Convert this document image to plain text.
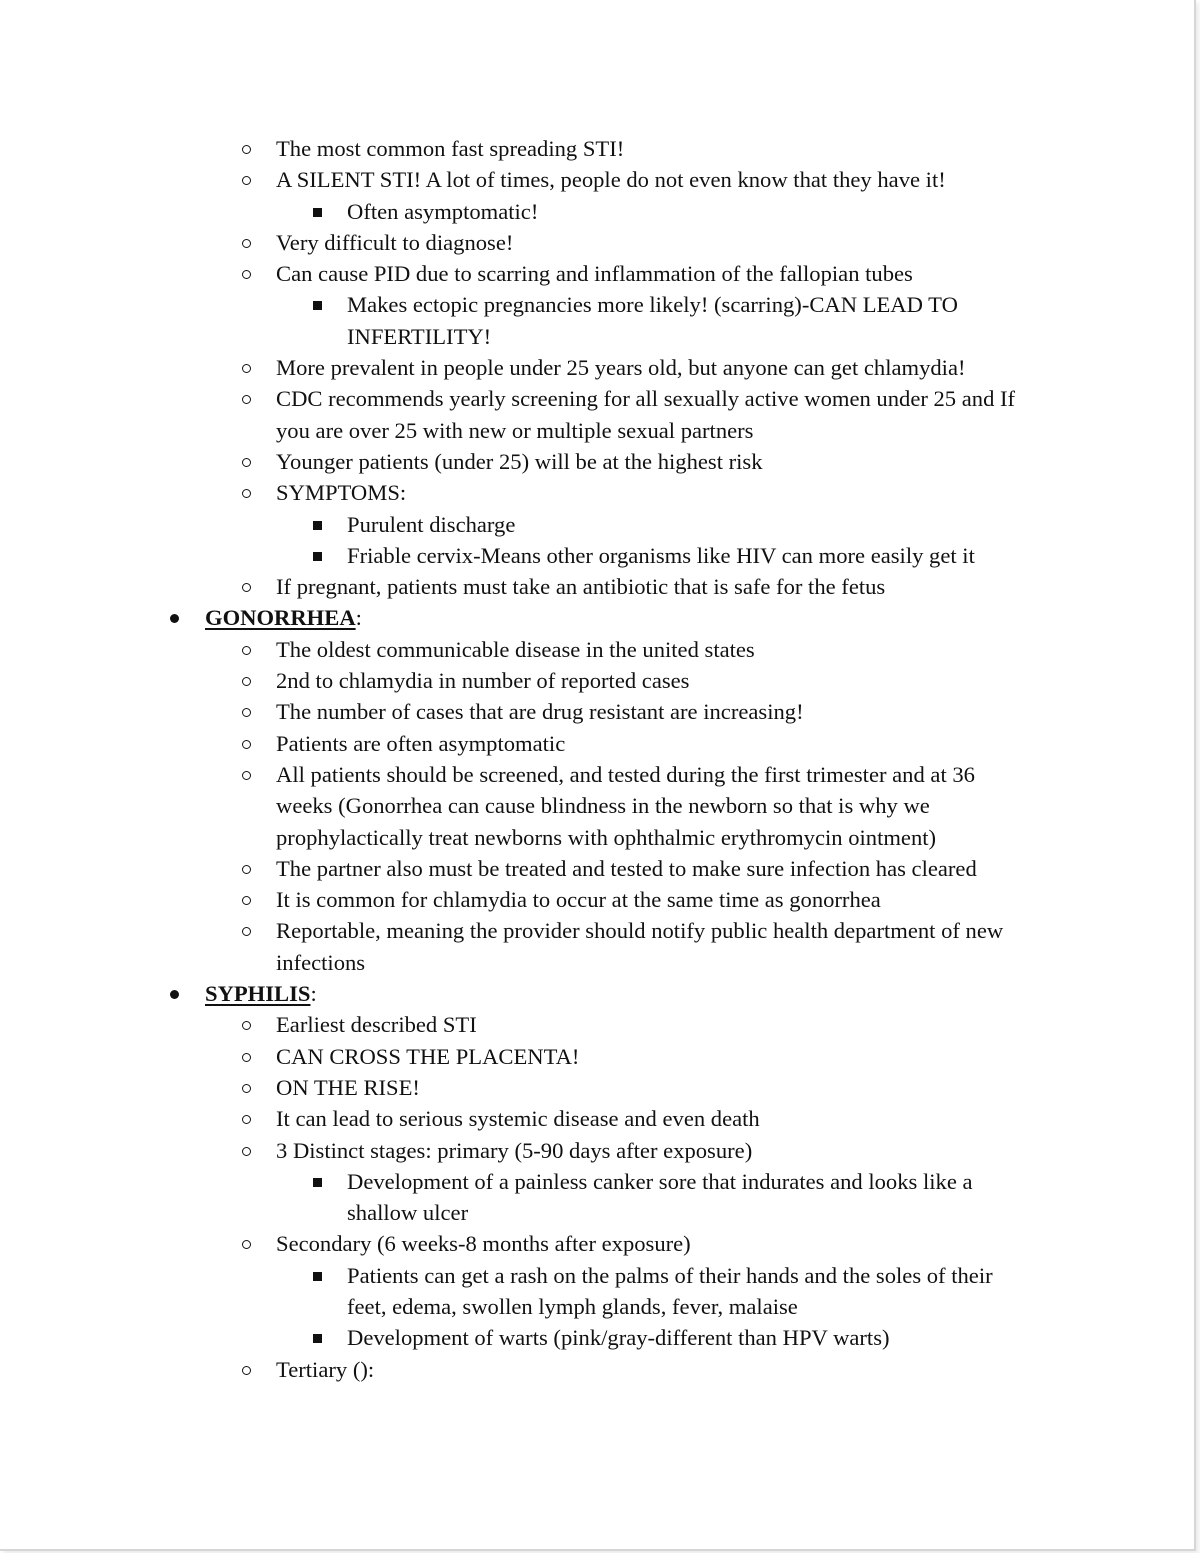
The most common fast spreading STI!
A SILENT STI! A lot of times, people do not even know that they have it!
Often asymptomatic!
Very difficult to diagnose!
Can cause PID due to scarring and inflammation of the fallopian tubes
Makes ectopic pregnancies more likely! (scarring)-CAN LEAD TO
INFERTILITY!
More prevalent in people under 25 years old, but anyone can get chlamydia!
CDC recommends yearly screening for all sexually active women under 25 and If
you are over 25 with new or multiple sexual partners
Younger patients (under 25) will be at the highest risk
SYMPTOMS:
Purulent discharge
Friable cervix-Means other organisms like HIV can more easily get it
If pregnant, patients must take an antibiotic that is safe for the fetus
GONORRHEA:
The oldest communicable disease in the united states
2nd to chlamydia in number of reported cases
The number of cases that are drug resistant are increasing!
Patients are often asymptomatic
All patients should be screened, and tested during the first trimester and at 36
weeks (Gonorrhea can cause blindness in the newborn so that is why we
prophylactically treat newborns with ophthalmic erythromycin ointment)
The partner also must be treated and tested to make sure infection has cleared
It is common for chlamydia to occur at the same time as gonorrhea
Reportable, meaning the provider should notify public health department of new
infections
SYPHILIS:
Earliest described STI
CAN CROSS THE PLACENTA!
ON THE RISE!
It can lead to serious systemic disease and even death
3 Distinct stages: primary (5-90 days after exposure)
Development of a painless canker sore that indurates and looks like a
shallow ulcer
Secondary (6 weeks-8 months after exposure)
Patients can get a rash on the palms of their hands and the soles of their
feet, edema, swollen lymph glands, fever, malaise
Development of warts (pink/gray-different than HPV warts)
Tertiary ():
